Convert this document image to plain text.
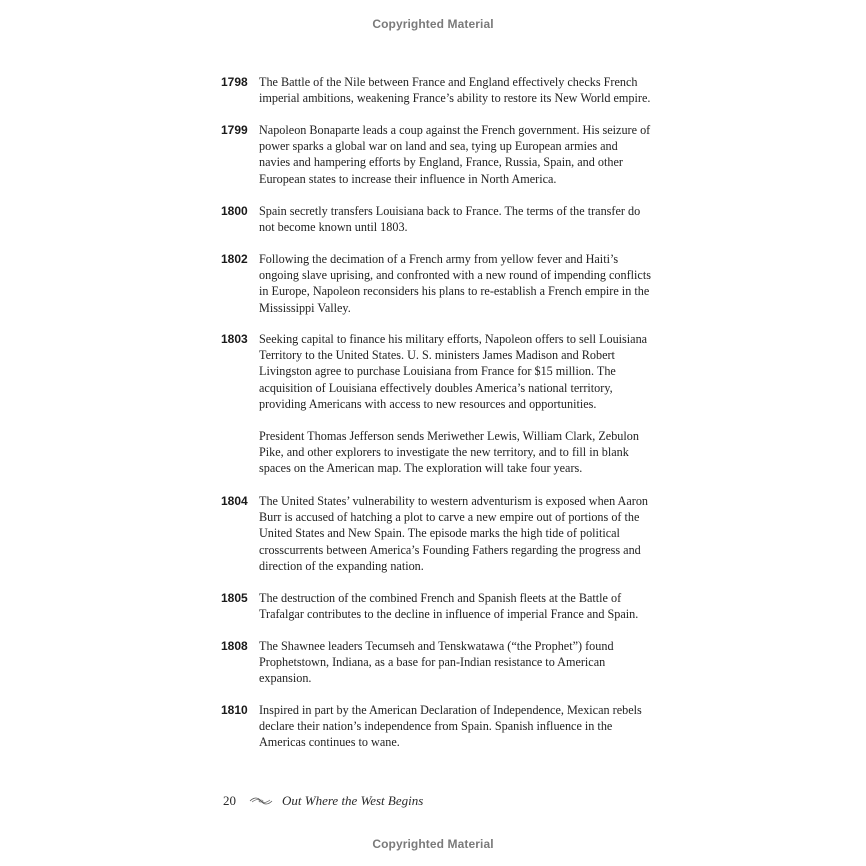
Copyrighted Material
1798 The Battle of the Nile between France and England effectively checks French imperial ambitions, weakening France’s ability to restore its New World empire.

1799 Napoleon Bonaparte leads a coup against the French government. His seizure of power sparks a global war on land and sea, tying up European armies and navies and hampering efforts by England, France, Russia, Spain, and other European states to increase their influence in North America.

1800 Spain secretly transfers Louisiana back to France. The terms of the transfer do not become known until 1803.

1802 Following the decimation of a French army from yellow fever and Haiti’s ongoing slave uprising, and confronted with a new round of impending conflicts in Europe, Napoleon reconsiders his plans to re-establish a French empire in the Mississippi Valley.

1803 Seeking capital to finance his military efforts, Napoleon offers to sell Louisiana Territory to the United States. U. S. ministers James Madison and Robert Livingston agree to purchase Louisiana from France for $15 million. The acquisition of Louisiana effectively doubles America’s national territory, providing Americans with access to new resources and opportunities.

President Thomas Jefferson sends Meriwether Lewis, William Clark, Zebulon Pike, and other explorers to investigate the new territory, and to fill in blank spaces on the American map. The exploration will take four years.

1804 The United States’ vulnerability to western adventurism is exposed when Aaron Burr is accused of hatching a plot to carve a new empire out of portions of the United States and New Spain. The episode marks the high tide of political crosscurrents between America’s Founding Fathers regarding the progress and direction of the expanding nation.

1805 The destruction of the combined French and Spanish fleets at the Battle of Trafalgar contributes to the decline in influence of imperial France and Spain.

1808 The Shawnee leaders Tecumseh and Tenskwatawa (“the Prophet”) found Prophetstown, Indiana, as a base for pan-Indian resistance to American expansion.

1810 Inspired in part by the American Declaration of Independence, Mexican rebels declare their nation’s independence from Spain. Spanish influence in the Americas continues to wane.

20	Out Where the West Begins
Copyrighted Material
